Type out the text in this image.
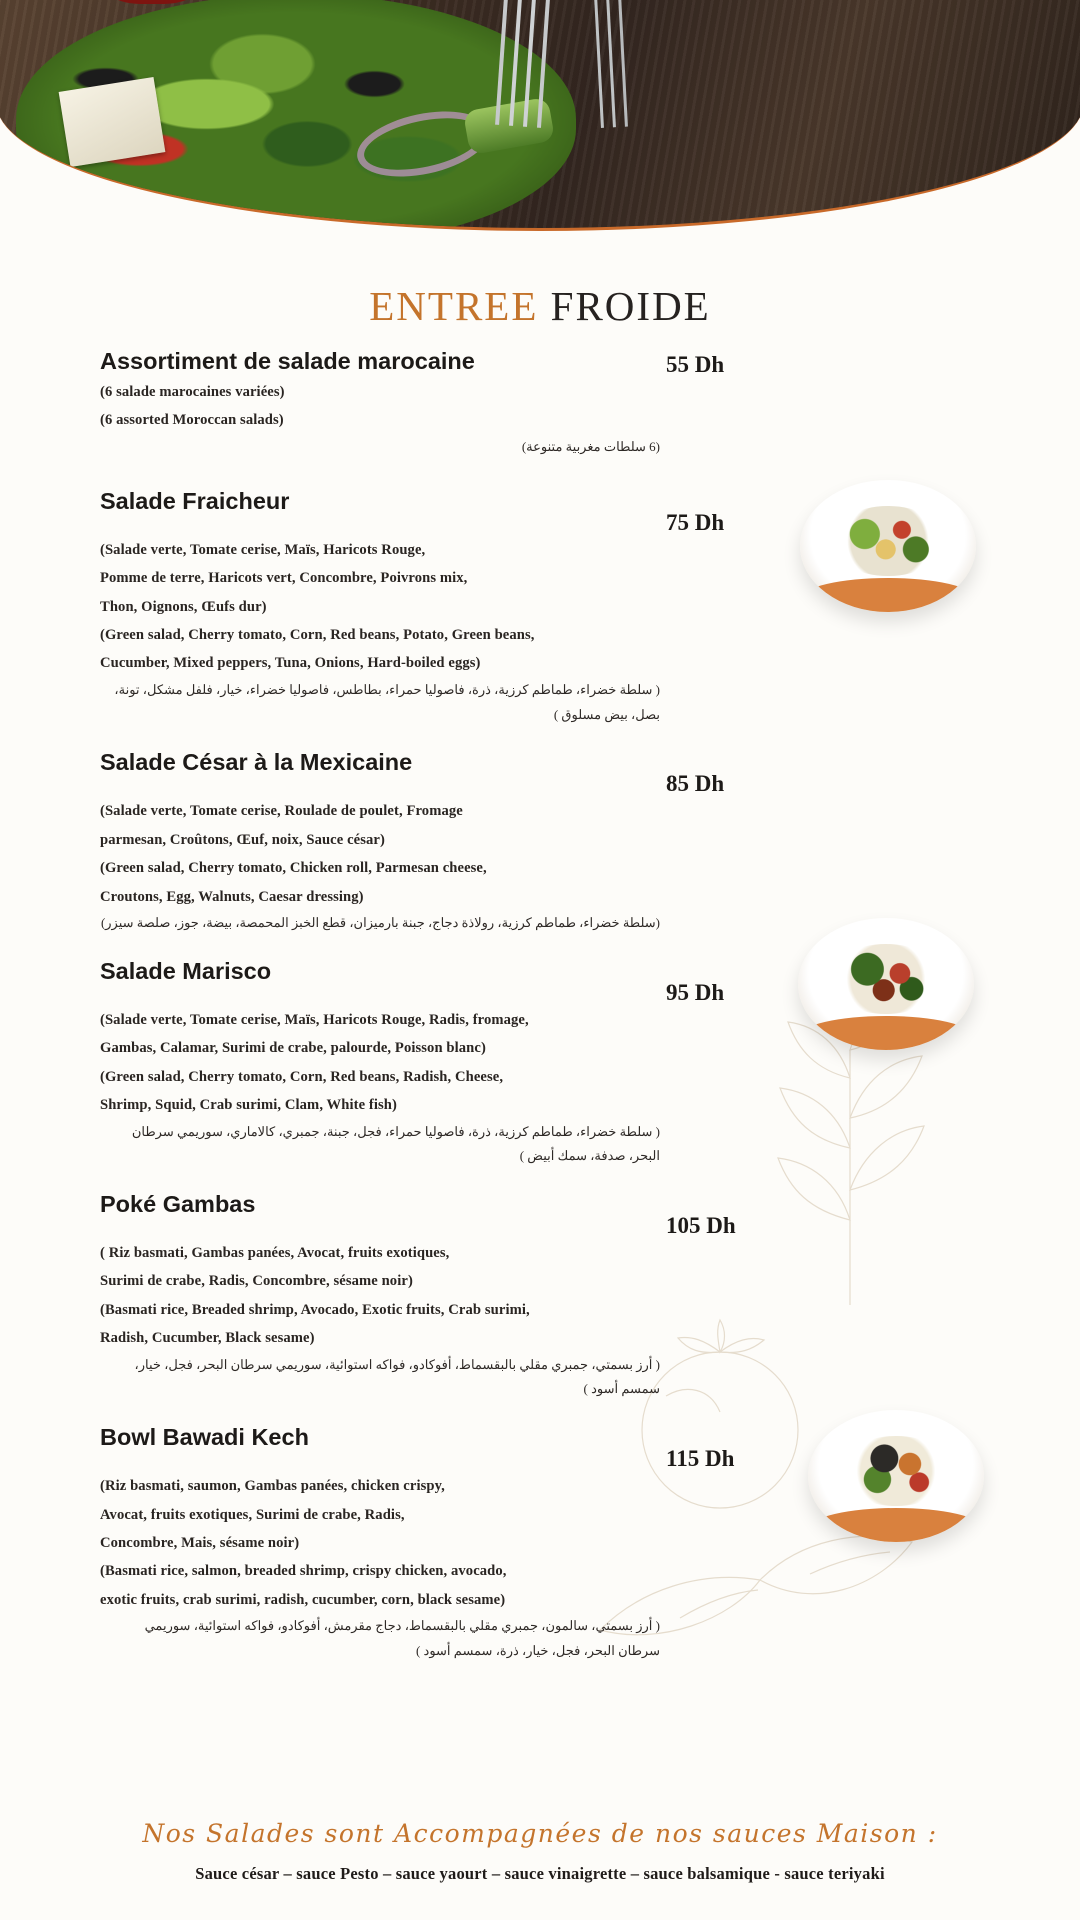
ENTREE FROIDE
Assortiment de salade marocaine	55 Dh
(6 salade marocaines variées)
(6 assorted Moroccan salads)
(6 سلطات مغربية متنوعة)
Salade Fraicheur
75 Dh
(Salade verte, Tomate cerise, Maïs, Haricots Rouge,
Pomme de terre, Haricots vert, Concombre, Poivrons mix,
Thon, Oignons, Œufs dur)
(Green salad, Cherry tomato, Corn, Red beans, Potato, Green beans,
Cucumber, Mixed peppers, Tuna, Onions, Hard-boiled eggs)
( سلطة خضراء، طماطم كرزية، ذرة، فاصوليا حمراء، بطاطس، فاصوليا خضراء، خيار، فلفل مشكل، تونة، بصل، بيض مسلوق )
Salade César à la Mexicaine
85 Dh
(Salade verte, Tomate cerise, Roulade de poulet, Fromage
parmesan, Croûtons, Œuf, noix, Sauce césar)
(Green salad, Cherry tomato, Chicken roll, Parmesan cheese,
Croutons, Egg, Walnuts, Caesar dressing)
(سلطة خضراء، طماطم كرزية، رولاذة دجاج، جبنة بارميزان، قطع الخبز المحمصة، بيضة، جوز، صلصة سيزر)
Salade Marisco
95 Dh
(Salade verte, Tomate cerise, Maïs, Haricots Rouge, Radis, fromage,
Gambas, Calamar, Surimi de crabe, palourde, Poisson blanc)
(Green salad, Cherry tomato, Corn, Red beans, Radish, Cheese,
Shrimp, Squid, Crab surimi, Clam, White fish)
( سلطة خضراء، طماطم كرزية، ذرة، فاصوليا حمراء، فجل، جبنة، جمبري، كالاماري، سوريمي سرطان البحر، صدفة، سمك أبيض )
Poké Gambas
105 Dh
( Riz basmati, Gambas panées, Avocat, fruits exotiques,
Surimi de crabe, Radis, Concombre, sésame noir)
(Basmati rice, Breaded shrimp, Avocado, Exotic fruits, Crab surimi,
Radish, Cucumber, Black sesame)
( أرز بسمتي، جمبري مقلي بالبقسماط، أفوكادو، فواكه استوائية، سوريمي سرطان البحر، فجل، خيار، سمسم أسود )
Bowl Bawadi Kech
115 Dh
(Riz basmati, saumon, Gambas panées, chicken crispy,
Avocat, fruits exotiques, Surimi de crabe, Radis,
Concombre, Mais, sésame noir)
(Basmati rice, salmon, breaded shrimp, crispy chicken, avocado,
exotic fruits, crab surimi, radish, cucumber, corn, black sesame)
( أرز بسمتي، سالمون، جمبري مقلي بالبقسماط، دجاج مقرمش، أفوكادو، فواكه استوائية، سوريمي سرطان البحر، فجل، خيار، ذرة، سمسم أسود )
Nos Salades sont Accompagnées de nos sauces Maison :
Sauce césar – sauce Pesto – sauce yaourt – sauce vinaigrette – sauce balsamique - sauce teriyaki
